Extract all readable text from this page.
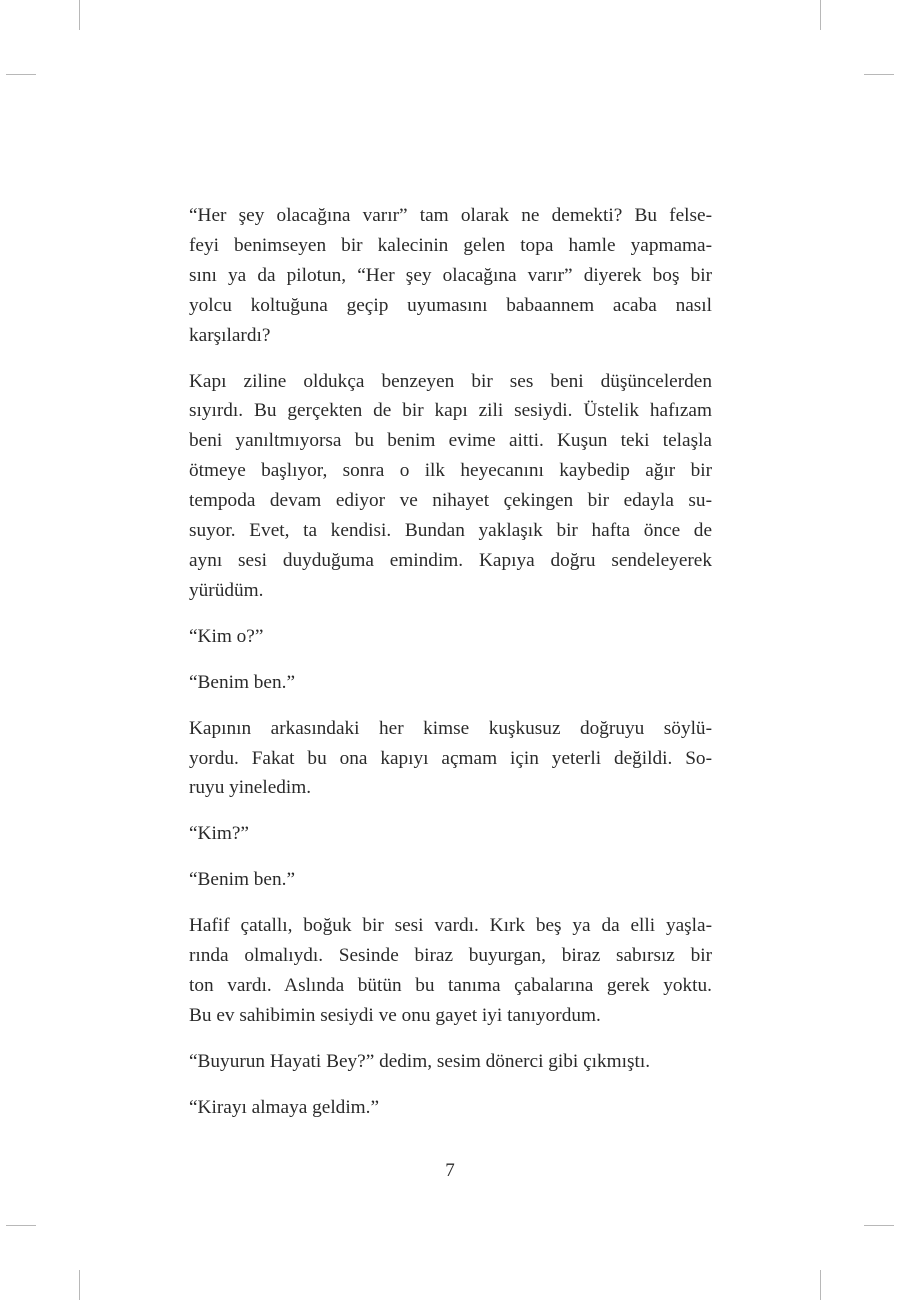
“Her şey olacağına varır” tam olarak ne demekti? Bu felse-
feyi benimseyen bir kalecinin gelen topa hamle yapmama-
sını ya da pilotun, “Her şey olacağına varır” diyerek boş bir
yolcu koltuğuna geçip uyumasını babaannem acaba nasıl
karşılardı?

Kapı ziline oldukça benzeyen bir ses beni düşüncelerden
sıyırdı. Bu gerçekten de bir kapı zili sesiydi. Üstelik hafızam
beni yanıltmıyorsa bu benim evime aitti. Kuşun teki telaşla
ötmeye başlıyor, sonra o ilk heyecanını kaybedip ağır bir
tempoda devam ediyor ve nihayet çekingen bir edayla su-
suyor. Evet, ta kendisi. Bundan yaklaşık bir hafta önce de
aynı sesi duyduğuma emindim. Kapıya doğru sendeleyerek
yürüdüm.

“Kim o?”

“Benim ben.”

Kapının arkasındaki her kimse kuşkusuz doğruyu söylü-
yordu. Fakat bu ona kapıyı açmam için yeterli değildi. So-
ruyu yineledim.

“Kim?”

“Benim ben.”

Hafif çatallı, boğuk bir sesi vardı. Kırk beş ya da elli yaşla-
rında olmalıydı. Sesinde biraz buyurgan, biraz sabırsız bir
ton vardı. Aslında bütün bu tanıma çabalarına gerek yoktu.
Bu ev sahibimin sesiydi ve onu gayet iyi tanıyordum.

“Buyurun Hayati Bey?” dedim, sesim dönerci gibi çıkmıştı.

“Kirayı almaya geldim.”

7
